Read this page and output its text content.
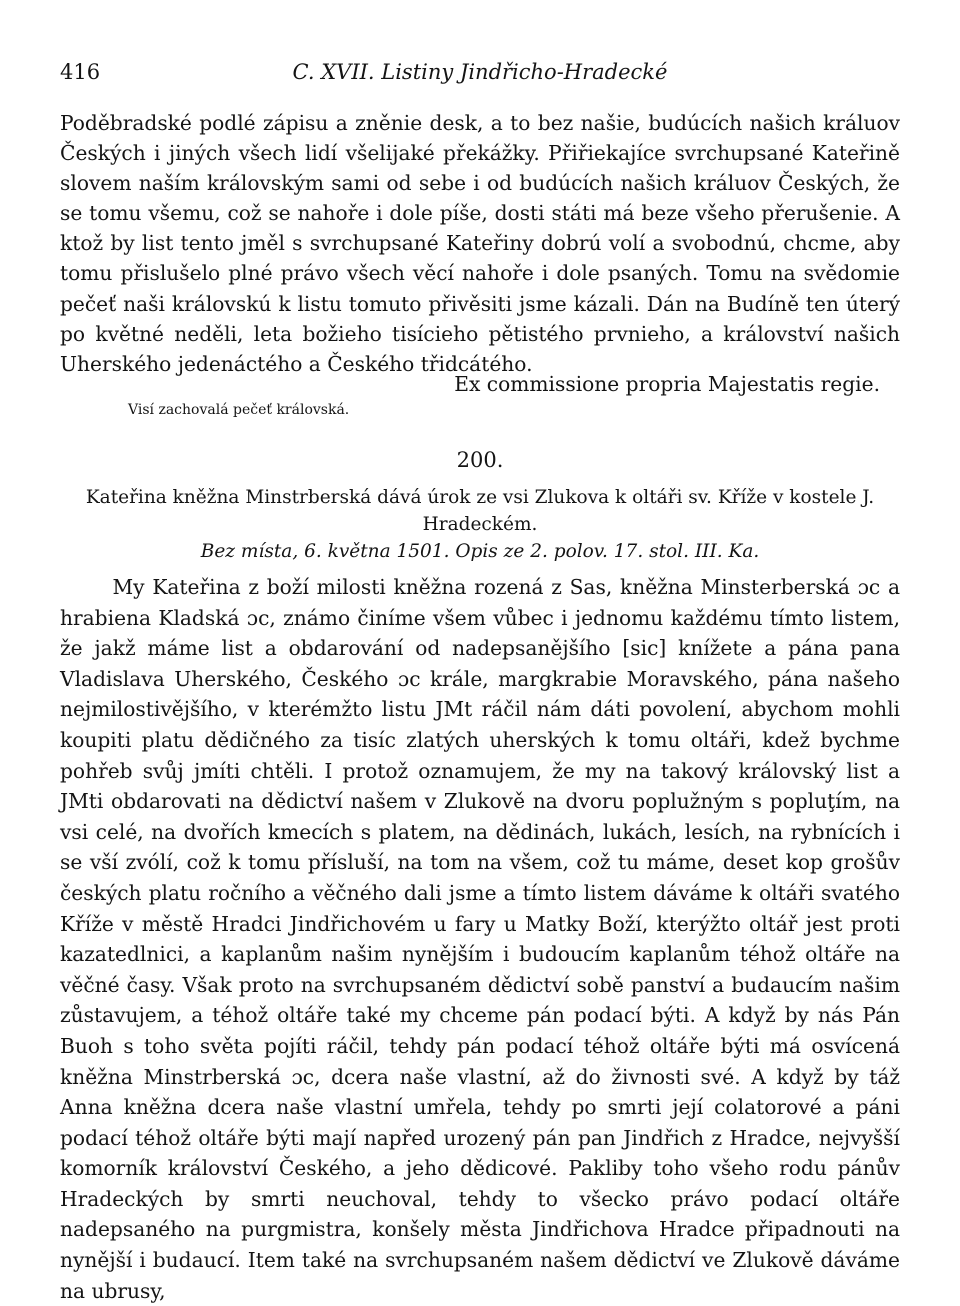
416	C. XVII. Listiny Jindřicho-Hradecké

Poděbradské podlé zápisu a zněnie desk, a to bez našie, budúcích našich králuov Českých i jiných všech lidí všelijaké překážky. Přiřiekajíce svrchupsané Kateřině slovem naším královským sami od sebe i od budúcích našich králuov Českých, že se tomu všemu, což se nahoře i dole píše, dosti státi má beze všeho přerušenie. A ktož by list tento jměl s svrchupsané Kateřiny dobrú volí a svobodnú, chcme, aby tomu přislušelo plné právo všech věcí nahoře i dole psaných. Tomu na svědomie pečeť naši královskú k listu tomuto přivěsiti jsme kázali. Dán na Budíně ten úterý po květné neděli, leta božieho tisícieho pětistého prvnieho, a království našich Uherského jedenáctého a Českého třidcátého.

Ex commissione propria Majestatis regie.
Visí zachovalá pečeť královská.
200.
Kateřina kněžna Minstrberská dává úrok ze vsi Zlukova k oltáři sv. Kříže v kostele J. Hradeckém.
Bez místa, 6. května 1501. Opis ze 2. polov. 17. stol. III. Ka.

My Kateřina z boží milosti kněžna rozená z Sas, kněžna Minsterberská ɔc a hrabiena Kladská ɔc, známo činíme všem vůbec i jednomu každému tímto listem, že jakž máme list a obdarování od nadepsanějšího [sic] knížete a pána pana Vladislava Uherského, Českého ɔc krále, margkrabie Moravského, pána našeho nejmilostivějšího, v kterémžto listu JMt ráčil nám dáti povolení, abychom mohli koupiti platu dědičného za tisíc zlatých uherských k tomu oltáři, kdež bychme pohřeb svůj jmíti chtěli. I protož oznamujem, že my na takový královský list a JMti obdarovati na dědictví našem v Zlukově na dvoru poplužným s popluţím, na vsi celé, na dvořích kmecích s platem, na dědinách, lukách, lesích, na rybnících i se vší zvólí, což k tomu přísluší, na tom na všem, což tu máme, deset kop grošův českých platu ročního a věčného dali jsme a tímto listem dáváme k oltáři svatého Kříže v městě Hradci Jindřichovém u fary u Matky Boží, kterýžto oltář jest proti kazatedlnici, a kaplanům našim nynějším i budoucím kaplanům téhož oltáře na věčné časy. Však proto na svrchupsaném dědictví sobě panství a budaucím našim zůstavujem, a téhož oltáře také my chceme pán podací býti. A když by nás Pán Buoh s toho světa pojíti ráčil, tehdy pán podací téhož oltáře býti má osvícená kněžna Minstrberská ɔc, dcera naše vlastní, až do živnosti své. A když by táž Anna kněžna dcera naše vlastní umřela, tehdy po smrti její colatorové a páni podací téhož oltáře býti mají napřed urozený pán pan Jindřich z Hradce, nejvyšší komorník království Českého, a jeho dědicové. Pakliby toho všeho rodu pánův Hradeckých by smrti neuchoval, tehdy to všecko právo podací oltáře nadepsaného na purgmistra, konšely města Jindřichova Hradce připadnouti na nynější i budaucí. Item také na svrchupsaném našem dědictví ve Zlukově dáváme na ubrusy,
